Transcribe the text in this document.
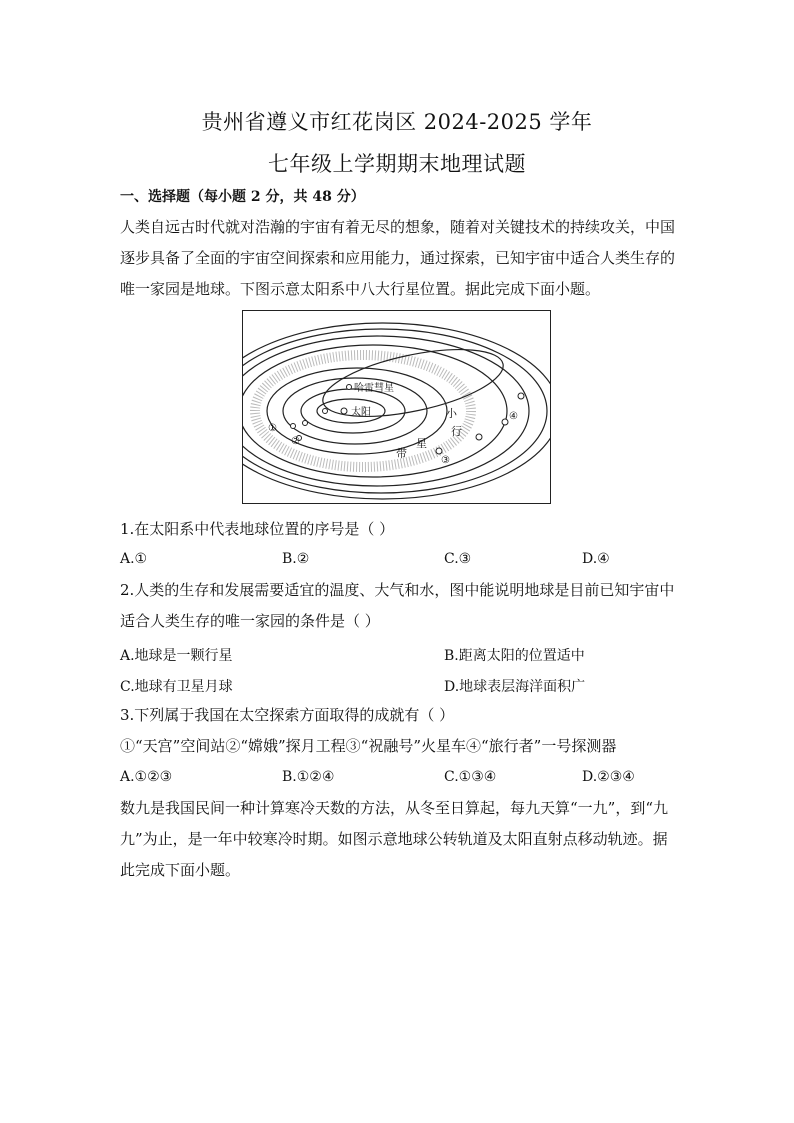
贵州省遵义市红花岗区 2024-2025 学年
七年级上学期期末地理试题
一、选择题（每小题 2 分，共 48 分）
人类自远古时代就对浩瀚的宇宙有着无尽的想象，随着对关键技术的持续攻关，中国逐步具备了全面的宇宙空间探索和应用能力，通过探索，已知宇宙中适合人类生存的唯一家园是地球。下图示意太阳系中八大行星位置。据此完成下面小题。
太阳
哈雷彗星
①
②
③
④
小
行
星
带
1.在太阳系中代表地球位置的序号是（ ）
A.①	B.②	C.③	D.④
2.人类的生存和发展需要适宜的温度、大气和水，图中能说明地球是目前已知宇宙中适合人类生存的唯一家园的条件是（ ）
A.地球是一颗行星	B.距离太阳的位置适中
C.地球有卫星月球	D.地球表层海洋面积广
3.下列属于我国在太空探索方面取得的成就有（ ）
①“天宫”空间站②“嫦娥”探月工程③“祝融号”火星车④“旅行者”一号探测器
A.①②③	B.①②④	C.①③④	D.②③④
数九是我国民间一种计算寒冷天数的方法，从冬至日算起，每九天算“一九”，到“九九”为止，是一年中较寒冷时期。如图示意地球公转轨道及太阳直射点移动轨迹。据此完成下面小题。
